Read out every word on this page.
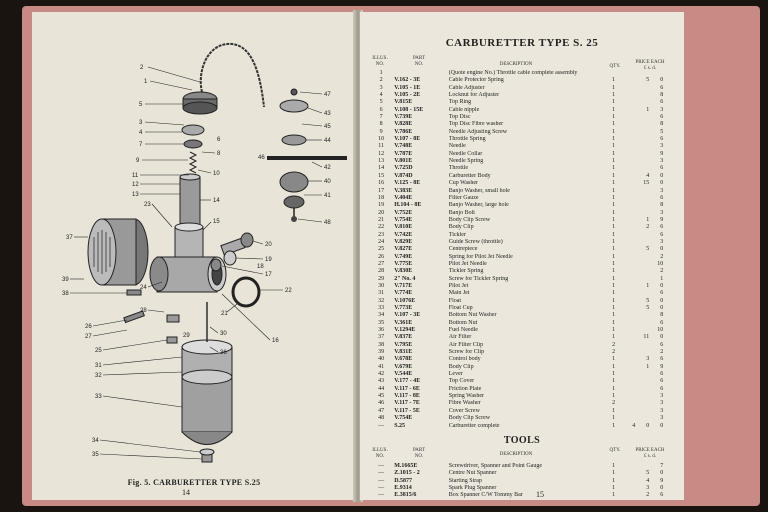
2
1
5
3
4
7
6
8
9
10
11
12
13
14
23
37
15
39
38
24
28
26
27
25
31
32
33
34
35
47
43
45
44
46
42
40
41
48
20
19
18
17
22
21
30
29
16
36
Fig. 5. CARBURETTER TYPE S.25
14
CARBURETTER TYPE S. 25
ILLUS.
NO.
PART
NO.	DESCRIPTION	QTY.
PRICE EACH
£ s. d.
1		(Quote engine No.) Throttle cable complete assembly		
2	V.162 - 3E	Cable Protector Spring	1	5 0
3	V.105 - 1E	Cable Adjuster	1	6
4	V.105 - 2E	Locknut for Adjuster	1	8
5	V.815E	Top Ring	1	6
6	V.108 - 15E	Cable nipple	1	1 3
7	V.739E	Top Disc	1	6
8	V.828E	Top Disc Fibre washer	1	8
9	V.786E	Needle Adjusting Screw	1	5
10	V.107 - 8E	Throttle Spring	1	6
11	V.748E	Needle	1	3
12	V.787E	Needle Collar	1	9
13	V.801E	Needle Spring	1	3
14	V.725D	Throttle	1	6
15	V.874D	Carburetter Body	1	4 0
16	V.125 - 8E	Cup Washer	1	15 0
17	V.383E	Banjo Washer, small hole	1	3
18	V.404E	Filter Gauze	1	6
19	H.104 - 8E	Banjo Washer, large hole	1	8
20	V.752E	Banjo Bolt	1	3
21	V.754E	Body Clip Screw	1	1 9
22	V.810E	Body Clip	1	2 6
23	V.742E	Tickler	1	6
24	V.829E	Guide Screw (throttle)	1	3
25	V.827E	Centrepiece	1	5 0
26	V.749E	Spring for Pilot Jet Needle	1	2
27	V.775E	Pilot Jet Needle	1	10
28	V.830E	Tickler Spring	1	2
29	2" No. 4	Screw for Tickler Spring	1	1
30	V.717E	Pilot Jet	1	1 0
31	V.774E	Main Jet	1	6
32	V.1076E	Float	1	5 0
33	V.773E	Float Cup	1	5 0
34	V.107 - 3E	Bottom Nut Washer	1	8
35	V.361E	Bottom Nut	1	6
36	V.1294E	Fuel Needle	1	10
37	V.837E	Air Filter	1	11 0
38	V.795E	Air Filter Clip	2	6
39	V.831E	Screw for Clip	2	2
40	V.678E	Control body	1	3 6
41	V.679E	Body Clip	1	1 9
42	V.544E	Lever	1	6
43	V.177 - 4E	Top Cover	1	6
44	V.117 - 6E	Friction Plate	1	6
45	V.117 - 8E	Spring Washer	1	3
46	V.117 - 7E	Fibre Washer	2	3
47	V.117 - 5E	Cover Screw	1	3
48	V.754E	Body Clip Screw	1	3
—	S.25	Carburetter complete	1	4 0 0
TOOLS
ILLUS.
NO.
PART
NO.	DESCRIPTION
QTY.	PRICE EACH
£ s. d.
—	M.1665E	Screwdriver, Spanner and Point Gauge	1	7
—	Z.1015 - 2	Centre Nut Spanner	1	5 0
—	D.5877	Starting Strap	1	4 9
—	E.9314	Spark Plug Spanner	1	3 0
—	E.3815/6	Box Spanner C/W Tommy Bar	1	2 6
15
